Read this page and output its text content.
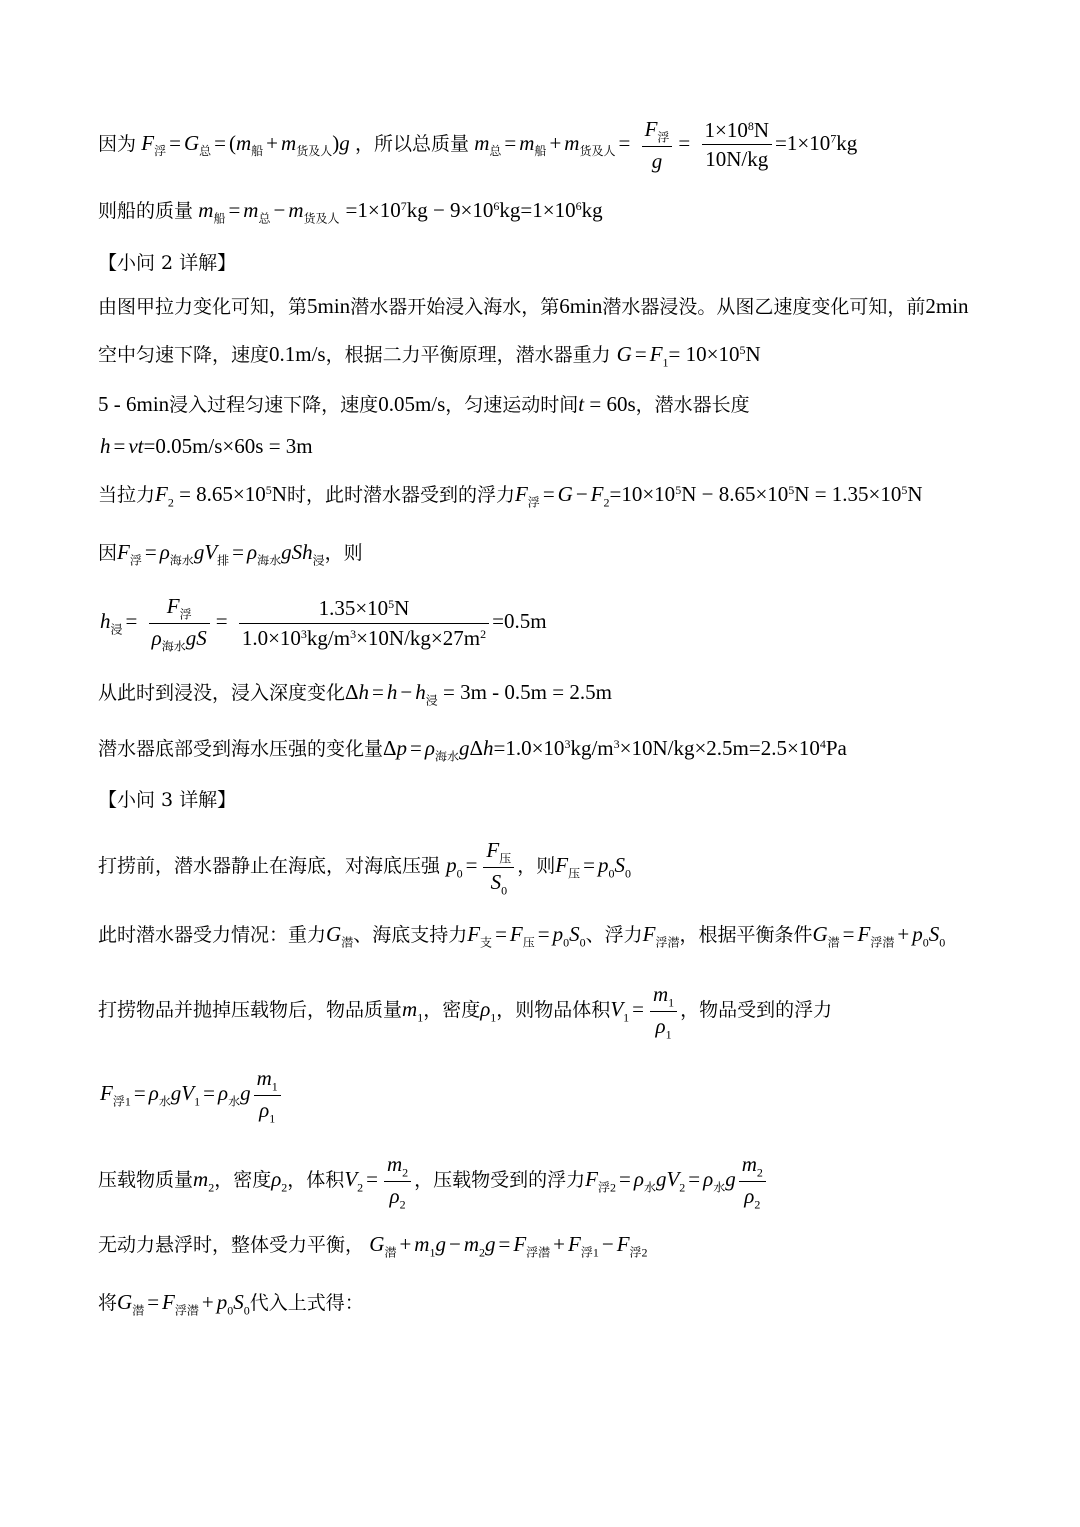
因为 $F_浮 = G_总 = (m_船 + m_{货及人})g$ ，所以总质量 $m_总 = m_船 + m_{货及人} = \frac{F_浮}{g} = \frac{1\times 10^8N}{10N/kg} =1\times 10^7kg$
则船的质量 $m_船 = m_总 - m_{货及人} =1\times 10^7kg - 9\times 10^6kg=1\times 10^6kg$
【小问 2 详解】
由图甲拉力变化可知，第5min潜水器开始浸入海水，第6min潜水器浸没。从图乙速度变化可知，前2min
空中匀速下降，速度0.1m/s，根据二力平衡原理，潜水器重力 $G = F_1= 10\times 10^5N$
5 - 6min浸入过程匀速下降，速度0.05m/s，匀速运动时间t = 60s，潜水器长度
h = vt=0.05m/s×60s = 3m
当拉力$F_2 = 8.65\times 10^5N$时，此时潜水器受到的浮力$F_浮 = G - F_2=10\times 10^5N - 8.65\times 10^5N = 1.35\times 10^5N$
因$F_浮 = \rho_{海水}gV_排 = \rho_{海水}gSh_浸$，则
$h_浸 = \frac{F_浮}{\rho_{海水}gS} = \frac{1.35\times 10^5N}{1.0\times 10^3kg/m^3\times 10N/kg\times 27m^2} =0.5m$
从此时到浸没，浸入深度变化$\Delta h = h - h_浸 = 3m - 0.5m = 2.5m$
潜水器底部受到海水压强的变化量$\Delta p = \rho_{海水}g\Delta h=1.0\times 10^3kg/m^3\times 10N/kg\times 2.5m=2.5\times 10^4Pa$
【小问 3 详解】
打捞前，潜水器静止在海底，对海底压强 $p_0 = \frac{F_压}{S_0}$ ，则$F_压 = p_0S_0$
此时潜水器受力情况：重力$G_潜$、海底支持力$F_支 = F_压 = p_0S_0$、浮力$F_{浮潜}$，根据平衡条件$G_潜 = F_{浮潜} + p_0S_0$
打捞物品并抛掉压载物后，物品质量$m_1$，密度$\rho_1$，则物品体积$V_1 = \frac{m_1}{\rho_1}$ ，物品受到的浮力
$F_{浮1} = \rho_水gV_1 = \rho_水g \frac{m_1}{\rho_1}$
压载物质量$m_2$，密度$\rho_2$，体积$V_2 = \frac{m_2}{\rho_2}$ ，压载物受到的浮力$F_{浮2} = \rho_水gV_2 = \rho_水g \frac{m_2}{\rho_2}$
无动力悬浮时，整体受力平衡， $G_潜 + m_1g - m_2g = F_{浮潜} + F_{浮1} - F_{浮2}$
将$G_潜 = F_{浮潜} + p_0S_0$代入上式得：
